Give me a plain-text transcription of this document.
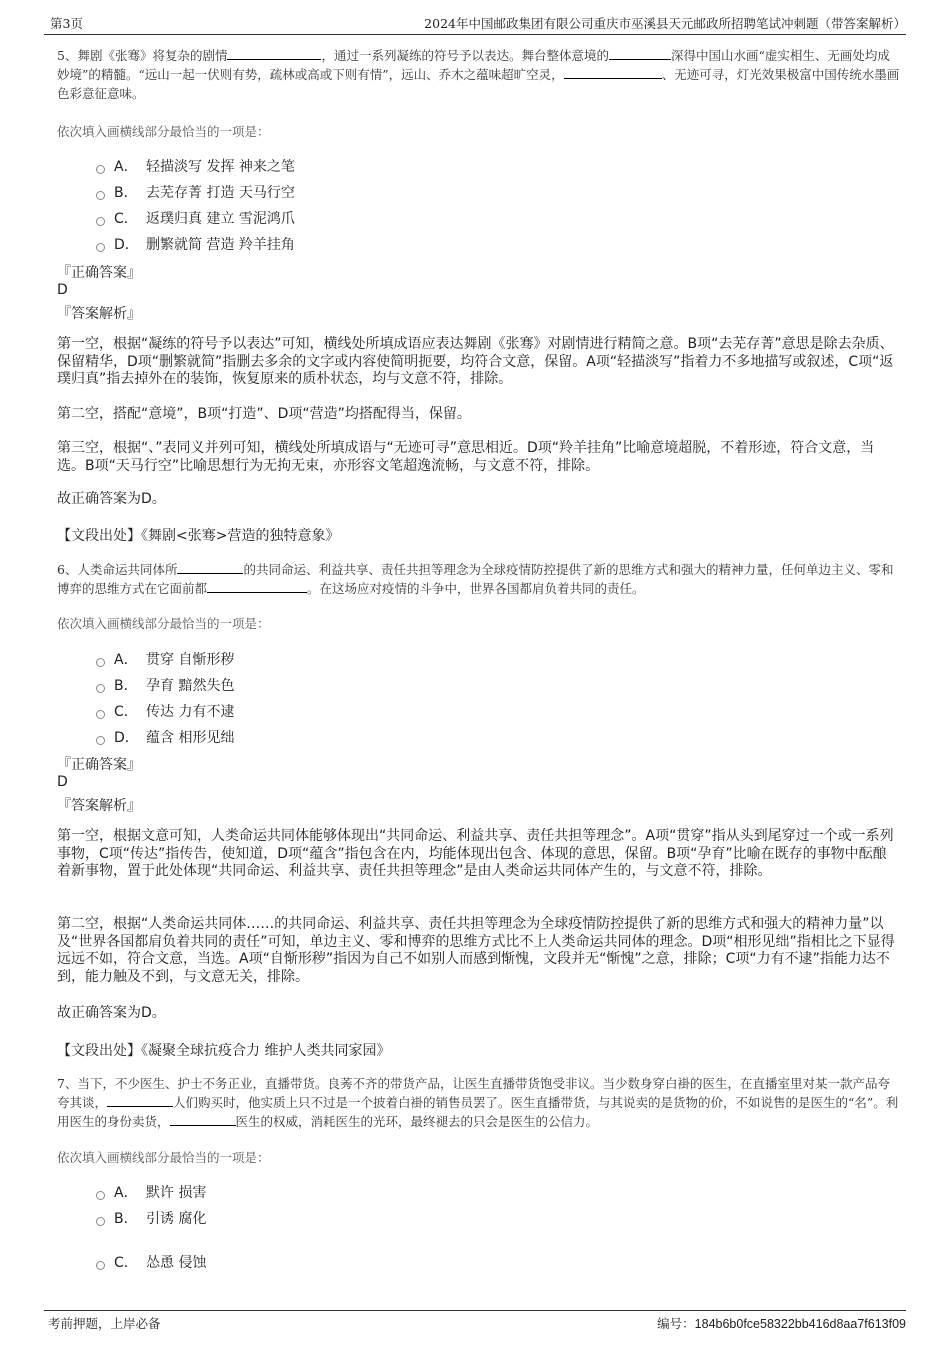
第3页	2024年中国邮政集团有限公司重庆市巫溪县天元邮政所招聘笔试冲刺题（带答案解析）
5、舞剧《张骞》将复杂的剧情	，通过一系列凝练的符号予以表达。舞台整体意境的	深得中国山水画“虚实相生、无画处均成妙境”的精髓。“远山一起一伏则有势，疏林或高或下则有情”，远山、乔木之蕴味超旷空灵，	、无迹可寻，灯光效果极富中国传统水墨画色彩意征意味。
依次填入画横线部分最恰当的一项是：
A． 轻描淡写 发挥 神来之笔
B． 去芜存菁 打造 天马行空
C． 返璞归真 建立 雪泥鸿爪
D． 删繁就简 营造 羚羊挂角
『正确答案』
D
『答案解析』
第一空，根据“凝练的符号予以表达”可知，横线处所填成语应表达舞剧《张骞》对剧情进行精简之意。B项“去芜存菁”意思是除去杂质、保留精华，D项“删繁就简”指删去多余的文字或内容使简明扼要，均符合文意，保留。A项“轻描淡写”指着力不多地描写或叙述，C项“返璞归真”指去掉外在的装饰，恢复原来的质朴状态，均与文意不符，排除。
第二空，搭配“意境”，B项“打造”、D项“营造”均搭配得当，保留。
第三空，根据“、”表同义并列可知，横线处所填成语与“无迹可寻”意思相近。D项“羚羊挂角”比喻意境超脱，不着形迹，符合文意，当选。B项“天马行空”比喻思想行为无拘无束，亦形容文笔超逸流畅，与文意不符，排除。
故正确答案为D。
【文段出处】《舞剧<张骞>营造的独特意象》
6、人类命运共同体所	的共同命运、利益共享、责任共担等理念为全球疫情防控提供了新的思维方式和强大的精神力量，任何单边主义、零和博弈的思维方式在它面前都	。在这场应对疫情的斗争中，世界各国都肩负着共同的责任。
依次填入画横线部分最恰当的一项是：
A． 贯穿 自惭形秽
B． 孕育 黯然失色
C． 传达 力有不逮
D． 蕴含 相形见绌
『正确答案』
D
『答案解析』
第一空，根据文意可知，人类命运共同体能够体现出“共同命运、利益共享、责任共担等理念”。A项“贯穿”指从头到尾穿过一个或一系列事物，C项“传达”指传告，使知道，D项“蕴含”指包含在内，均能体现出包含、体现的意思，保留。B项“孕育”比喻在既存的事物中酝酿着新事物，置于此处体现“共同命运、利益共享、责任共担等理念”是由人类命运共同体产生的，与文意不符，排除。
第二空，根据“人类命运共同体……的共同命运、利益共享、责任共担等理念为全球疫情防控提供了新的思维方式和强大的精神力量”以及“世界各国都肩负着共同的责任”可知，单边主义、零和博弈的思维方式比不上人类命运共同体的理念。D项“相形见绌”指相比之下显得远远不如，符合文意，当选。A项“自惭形秽”指因为自己不如别人而感到惭愧，文段并无“惭愧”之意，排除；C项“力有不逮”指能力达不到，能力触及不到，与文意无关，排除。
故正确答案为D。
【文段出处】《凝聚全球抗疫合力 维护人类共同家园》
7、当下，不少医生、护士不务正业，直播带货。良莠不齐的带货产品，让医生直播带货饱受非议。当少数身穿白褂的医生，在直播室里对某一款产品夸夸其谈，	人们购买时，他实质上只不过是一个披着白褂的销售员罢了。医生直播带货，与其说卖的是货物的价，不如说售的是医生的“名”。利用医生的身份卖货，	医生的权威，消耗医生的光环，最终褪去的只会是医生的公信力。
依次填入画横线部分最恰当的一项是：
A． 默许 损害
B． 引诱 腐化
C． 怂恿 侵蚀
考前押题，上岸必备	编号：184b6b0fce58322bb416d8aa7f613f09
